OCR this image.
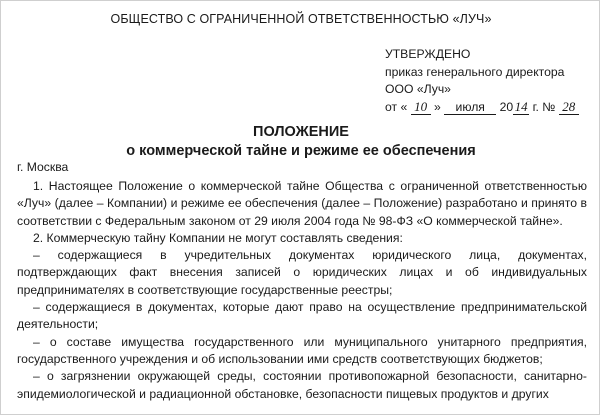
ОБЩЕСТВО С ОГРАНИЧЕННОЙ ОТВЕТСТВЕННОСТЬЮ «ЛУЧ»
УТВЕРЖДЕНО
приказ генерального директора
ООО «Луч»
от « 10 » июля 20 14 г. № 28
ПОЛОЖЕНИЕ
о коммерческой тайне и режиме ее обеспечения
г. Москва

1. Настоящее Положение о коммерческой тайне Общества с ограниченной ответственностью «Луч» (далее – Компании) и режиме ее обеспечения (далее – Положение) разработано и принято в соответствии с Федеральным законом от 29 июля 2004 года № 98-ФЗ «О коммерческой тайне».

2. Коммерческую тайну Компании не могут составлять сведения:

– содержащиеся в учредительных документах юридического лица, документах, подтверждающих факт внесения записей о юридических лицах и об индивидуальных предпринимателях в соответствующие государственные реестры;

– содержащиеся в документах, которые дают право на осуществление предпринимательской деятельности;

– о составе имущества государственного или муниципального унитарного предприятия, государственного учреждения и об использовании ими средств соответствующих бюджетов;

– о загрязнении окружающей среды, состоянии противопожарной безопасности, санитарно-эпидемиологической и радиационной обстановке, безопасности пищевых продуктов и других
